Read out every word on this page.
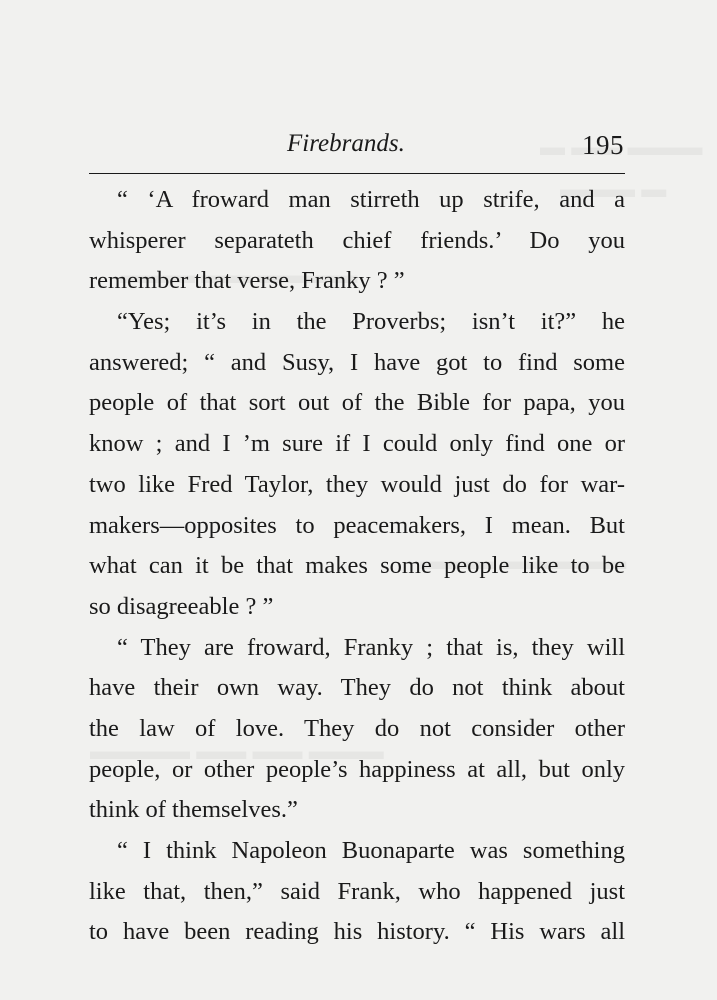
Firebrands.	195
“ ‘A froward man stirreth up strife, and a
whisperer separateth chief friends.’ Do you
remember that verse, Franky ? ”
“Yes; it’s in the Proverbs; isn’t it?” he
answered; “ and Susy, I have got to find some
people of that sort out of the Bible for papa, you
know ; and I ’m sure if I could only find one or
two like Fred Taylor, they would just do for war-
makers—opposites to peacemakers, I mean. But
what can it be that makes some people like to be
so disagreeable ? ”
“ They are froward, Franky ; that is, they will
have their own way. They do not think about
the law of love. They do not consider other
people, or other people’s happiness at all, but only
think of themselves.”
“ I think Napoleon Buonaparte was something
like that, then,” said Frank, who happened just
to have been reading his history. “ His wars all
